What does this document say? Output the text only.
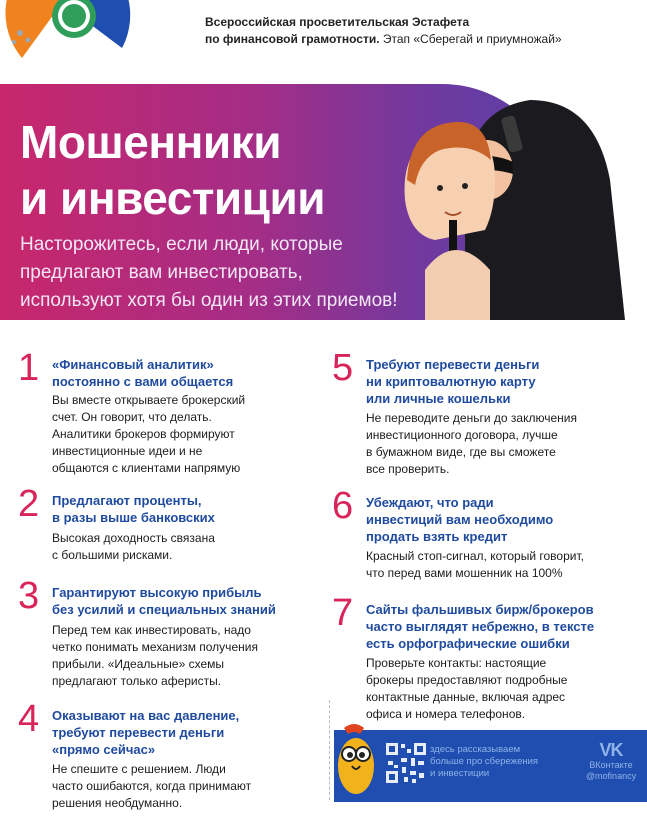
Всероссийская просветительская Эстафета
по финансовой грамотности. Этап «Сберегай и приумножай»
Мошенники
и инвестиции
Насторожитесь, если люди, которые
предлагают вам инвестировать,
используют хотя бы один из этих приемов!
1 «Финансовый аналитик»
постоянно с вами общается
Вы вместе открываете брокерский
счет. Он говорит, что делать.
Аналитики брокеров формируют
инвестиционные идеи и не
общаются с клиентами напрямую
2 Предлагают проценты,
в разы выше банковских
Высокая доходность связана
с большими рисками.
3 Гарантируют высокую прибыль
без усилий и специальных знаний
Перед тем как инвестировать, надо
четко понимать механизм получения
прибыли. «Идеальные» схемы
предлагают только аферисты.
4 Оказывают на вас давление,
требуют перевести деньги
«прямо сейчас»
Не спешите с решением. Люди
часто ошибаются, когда принимают
решения необдуманно.
5 Требуют перевести деньги
ни криптовалютную карту
или личные кошельки
Не переводите деньги до заключения
инвестиционного договора, лучше
в бумажном виде, где вы сможете
все проверить.
6 Убеждают, что ради
инвестиций вам необходимо
продать взять кредит
Красный стоп-сигнал, который говорит,
что перед вами мошенник на 100%
7 Сайты фальшивых бирж/брокеров
часто выглядят небрежно, в тексте
есть орфографические ошибки
Проверьте контакты: настоящие
брокеры предоставляют подробные
контактные данные, включая адрес
офиса и номера телефонов.
здесь рассказываем
больше про сбережения
и инвестиции
VK
ВКонтакте
@mofinancy
